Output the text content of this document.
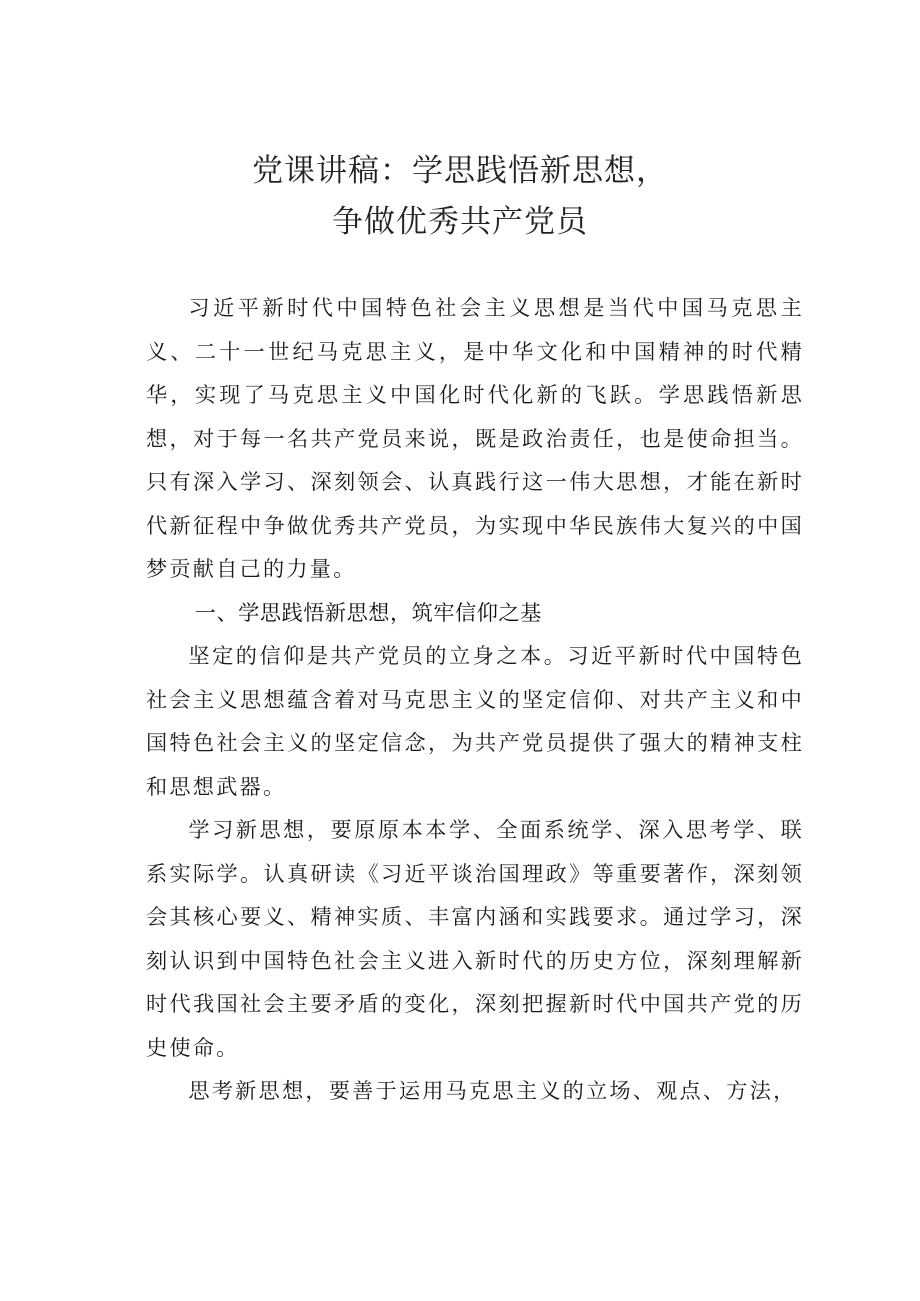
党课讲稿：学思践悟新思想，
争做优秀共产党员

习近平新时代中国特色社会主义思想是当代中国马克思主义、二十一世纪马克思主义，是中华文化和中国精神的时代精华，实现了马克思主义中国化时代化新的飞跃。学思践悟新思想，对于每一名共产党员来说，既是政治责任，也是使命担当。只有深入学习、深刻领会、认真践行这一伟大思想，才能在新时代新征程中争做优秀共产党员，为实现中华民族伟大复兴的中国梦贡献自己的力量。

一、学思践悟新思想，筑牢信仰之基

坚定的信仰是共产党员的立身之本。习近平新时代中国特色社会主义思想蕴含着对马克思主义的坚定信仰、对共产主义和中国特色社会主义的坚定信念，为共产党员提供了强大的精神支柱和思想武器。

学习新思想，要原原本本学、全面系统学、深入思考学、联系实际学。认真研读《习近平谈治国理政》等重要著作，深刻领会其核心要义、精神实质、丰富内涵和实践要求。通过学习，深刻认识到中国特色社会主义进入新时代的历史方位，深刻理解新时代我国社会主要矛盾的变化，深刻把握新时代中国共产党的历史使命。

思考新思想，要善于运用马克思主义的立场、观点、方法，
